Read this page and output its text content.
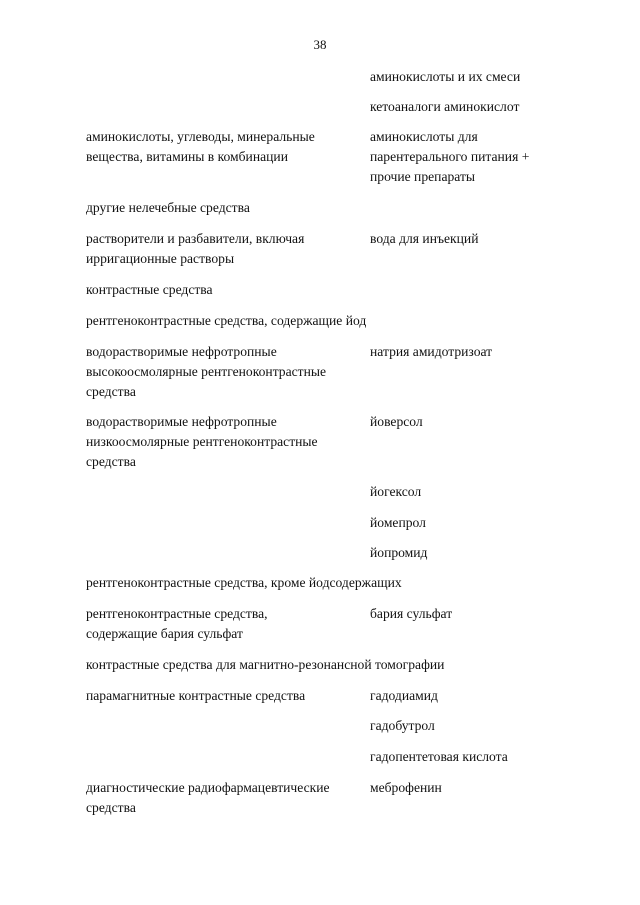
38
аминокислоты и их смеси
кетоаналоги аминокислот
аминокислоты, углеводы, минеральные вещества, витамины в комбинации
аминокислоты для парентерального питания + прочие препараты
другие нелечебные средства
растворители и разбавители, включая ирригационные растворы
вода для инъекций
контрастные средства
рентгеноконтрастные средства, содержащие йод
водорастворимые нефротропные высокоосмолярные рентгеноконтрастные средства
натрия амидотризоат
водорастворимые нефротропные низкоосмолярные рентгеноконтрастные средства
йоверсол
йогексол
йомепрол
йопромид
рентгеноконтрастные средства, кроме йодсодержащих
рентгеноконтрастные средства, содержащие бария сульфат
бария сульфат
контрастные средства для магнитно-резонансной томографии
парамагнитные контрастные средства	гадодиамид
гадобутрол
гадопентетовая кислота
диагностические радиофармацевтические средства
меброфенин
